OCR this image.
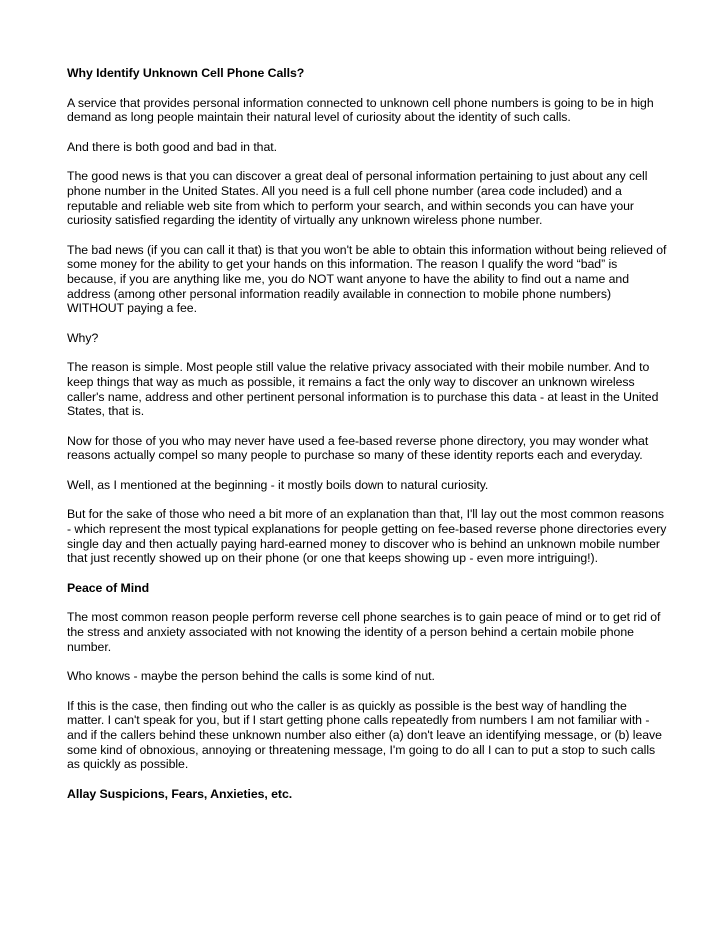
Why Identify Unknown Cell Phone Calls?
A service that provides personal information connected to unknown cell phone numbers is going to be in high demand as long people maintain their natural level of curiosity about the identity of such calls.
And there is both good and bad in that.
The good news is that you can discover a great deal of personal information pertaining to just about any cell phone number in the United States. All you need is a full cell phone number (area code included) and a reputable and reliable web site from which to perform your search, and within seconds you can have your curiosity satisfied regarding the identity of virtually any unknown wireless phone number.
The bad news (if you can call it that) is that you won't be able to obtain this information without being relieved of some money for the ability to get your hands on this information. The reason I qualify the word “bad” is because, if you are anything like me, you do NOT want anyone to have the ability to find out a name and address (among other personal information readily available in connection to mobile phone numbers) WITHOUT paying a fee.
Why?
The reason is simple. Most people still value the relative privacy associated with their mobile number. And to keep things that way as much as possible, it remains a fact the only way to discover an unknown wireless caller's name, address and other pertinent personal information is to purchase this data - at least in the United States, that is.
Now for those of you who may never have used a fee-based reverse phone directory, you may wonder what reasons actually compel so many people to purchase so many of these identity reports each and everyday.
Well, as I mentioned at the beginning - it mostly boils down to natural curiosity.
But for the sake of those who need a bit more of an explanation than that, I'll lay out the most common reasons - which represent the most typical explanations for people getting on fee-based reverse phone directories every single day and then actually paying hard-earned money to discover who is behind an unknown mobile number that just recently showed up on their phone (or one that keeps showing up - even more intriguing!).
Peace of Mind
The most common reason people perform reverse cell phone searches is to gain peace of mind or to get rid of the stress and anxiety associated with not knowing the identity of a person behind a certain mobile phone number.
Who knows - maybe the person behind the calls is some kind of nut.
If this is the case, then finding out who the caller is as quickly as possible is the best way of handling the matter. I can't speak for you, but if I start getting phone calls repeatedly from numbers I am not familiar with - and if the callers behind these unknown number also either (a) don't leave an identifying message, or (b) leave some kind of obnoxious, annoying or threatening message, I'm going to do all I can to put a stop to such calls as quickly as possible.
Allay Suspicions, Fears, Anxieties, etc.
